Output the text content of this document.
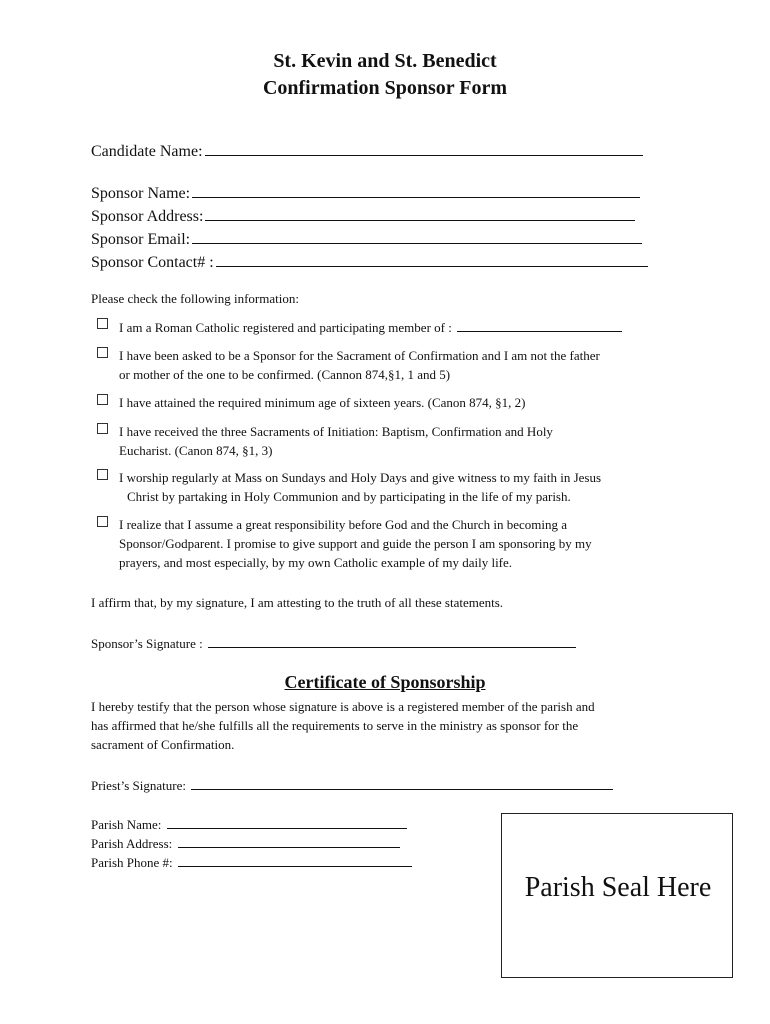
St. Kevin and St. Benedict
Confirmation Sponsor Form
Candidate Name:
Sponsor Name:
Sponsor Address:
Sponsor Email:
Sponsor Contact# :
Please check the following information:
I am a Roman Catholic registered and participating member of :
I have been asked to be a Sponsor for the Sacrament of Confirmation and I am not the father
or mother of the one to be confirmed. (Cannon 874,§1, 1 and 5)
I have attained the required minimum age of sixteen years. (Canon 874, §1, 2)
I have received the three Sacraments of Initiation: Baptism, Confirmation and Holy
Eucharist. (Canon 874, §1, 3)
I worship regularly at Mass on Sundays and Holy Days and give witness to my faith in Jesus
Christ by partaking in Holy Communion and by participating in the life of my parish.
I realize that I assume a great responsibility before God and the Church in becoming a
Sponsor/Godparent. I promise to give support and guide the person I am sponsoring by my
prayers, and most especially, by my own Catholic example of my daily life.
I affirm that, by my signature, I am attesting to the truth of all these statements.
Sponsor’s Signature :
Certificate of Sponsorship
I hereby testify that the person whose signature is above is a registered member of the parish and
has affirmed that he/she fulfills all the requirements to serve in the ministry as sponsor for the
sacrament of Confirmation.
Priest’s Signature:
Parish Name:
Parish Address:
Parish Phone #:
Parish Seal Here
